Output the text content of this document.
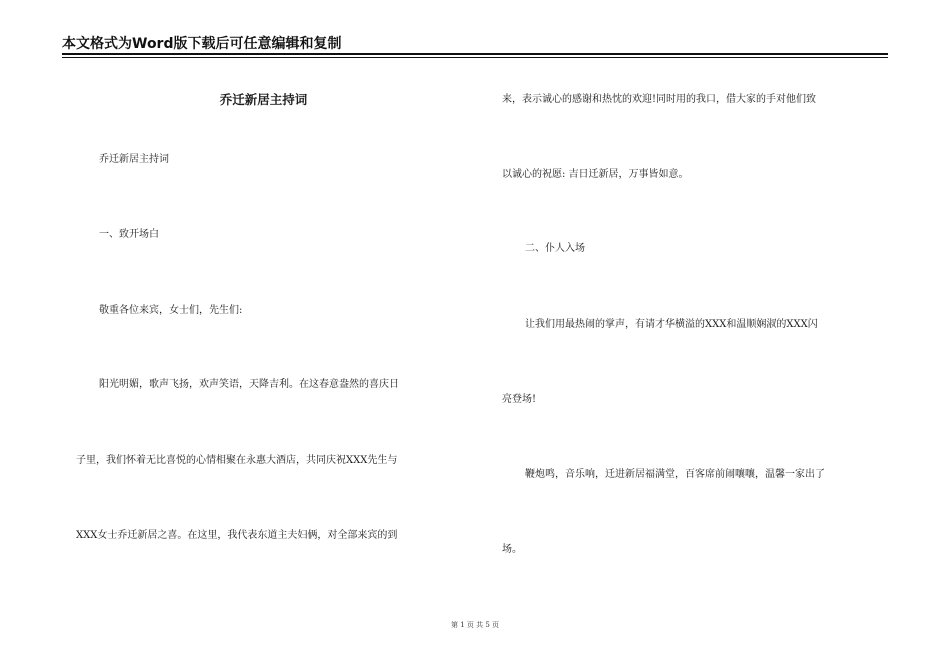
本文格式为Word版下载后可任意编辑和复制
乔迁新居主持词
乔迁新居主持词
一、致开场白
敬重各位来宾，女士们，先生们:
阳光明媚，歌声飞扬，欢声笑语，天降吉利。在这春意盎然的喜庆日
子里，我们怀着无比喜悦的心情相聚在永惠大酒店，共同庆祝XXX先生与
XXX女士乔迁新居之喜。在这里，我代表东道主夫妇俩，对全部来宾的到
来，表示诚心的感谢和热忱的欢迎!同时用的我口，借大家的手对他们致
以诚心的祝愿: 吉日迁新居，万事皆如意。
二、仆人入场
让我们用最热闹的掌声，有请才华横溢的XXX和温顺娴淑的XXX闪
亮登场!
鞭炮鸣，音乐响，迁进新居福满堂，百客席前闹嚷嚷，温馨一家出了
场。
第 1 页 共 5 页
